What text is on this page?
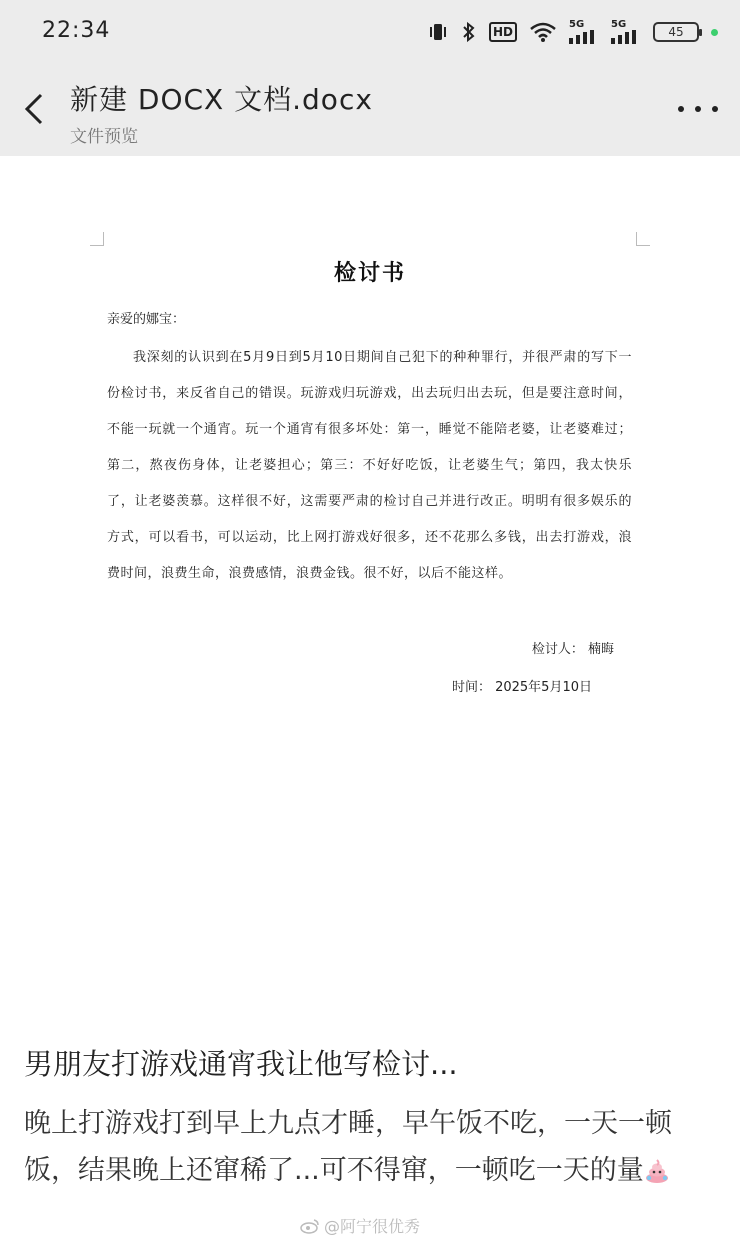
22:34	HD
5G	5G
45
新建 DOCX 文档.docx
文件预览
检讨书
亲爱的娜宝：
我深刻的认识到在5月9日到5月10日期间自己犯下的种种罪行，并很严肃的写下一份检讨书，来反省自己的错误。玩游戏归玩游戏，出去玩归出去玩，但是要注意时间，不能一玩就一个通宵。玩一个通宵有很多坏处：第一，睡觉不能陪老婆，让老婆难过；第二，熬夜伤身体，让老婆担心；第三：不好好吃饭，让老婆生气；第四，我太快乐了，让老婆羡慕。这样很不好，这需要严肃的检讨自己并进行改正。明明有很多娱乐的方式，可以看书，可以运动，比上网打游戏好很多，还不花那么多钱，出去打游戏，浪费时间，浪费生命，浪费感情，浪费金钱。很不好，以后不能这样。
检讨人： 楠晦
时间： 2025年5月10日
男朋友打游戏通宵我让他写检讨...
晚上打游戏打到早上九点才睡，早午饭不吃，一天一顿饭，结果晚上还窜稀了...可不得窜，一顿吃一天的量
@阿宁很优秀
